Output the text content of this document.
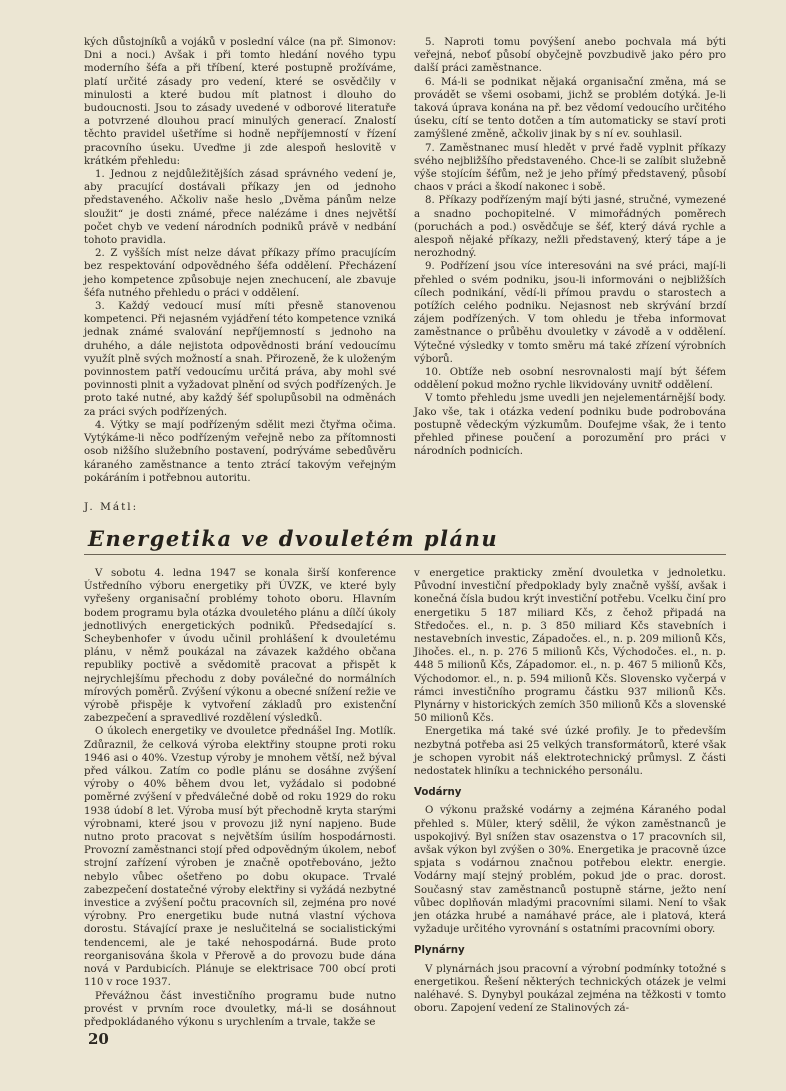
kých důstojníků a vojáků v poslední válce (na př. Simonov: Dni a noci.) Avšak i při tomto hledání nového typu moderního šéfa a při tříbení, které postupně prožíváme, platí určité zásady pro vedení, které se osvědčily v minulosti a které budou mít platnost i dlouho do budoucnosti. Jsou to zásady uvedené v odborové literatuře a potvrzené dlouhou prací minulých generací. Znalostí těchto pravidel ušetříme si hodně nepříjemností v řízení pracovního úseku. Uveďme ji zde alespoň heslovitě v krátkém přehledu:

1. Jednou z nejdůležitějších zásad správného vedení je, aby pracující dostávali příkazy jen od jednoho představeného. Ačkoliv naše heslo „Dvěma pánům nelze sloužit“ je dosti známé, přece nalézáme i dnes největší počet chyb ve vedení národních podniků právě v nedbání tohoto pravidla.

2. Z vyšších míst nelze dávat příkazy přímo pracujícím bez respektování odpovědného šéfa oddělení. Přecházení jeho kompetence způsobuje nejen znechucení, ale zbavuje šéfa nutného přehledu o práci v oddělení.

3. Každý vedoucí musí míti přesně stanovenou kompetenci. Při nejasném vyjádření této kompetence vzniká jednak známé svalování nepříjemností s jednoho na druhého, a dále nejistota odpovědnosti brání vedoucímu využít plně svých možností a snah. Přirozeně, že k uloženým povinnostem patří vedoucímu určitá práva, aby mohl své povinnosti plnit a vyžadovat plnění od svých podřízených. Je proto také nutné, aby každý šéf spolupůsobil na odměnách za práci svých podřízených.

4. Výtky se mají podřízeným sdělit mezi čtyřma očima. Vytýkáme-li něco podřízeným veřejně nebo za přítomnosti osob nižšího služebního postavení, podrýváme sebedůvěru káraného zaměstnance a tento ztrácí takovým veřejným pokáráním i potřebnou autoritu.

5. Naproti tomu povýšení anebo pochvala má býti veřejná, neboť působí obyčejně povzbudivě jako péro pro další práci zaměstnance.

6. Má-li se podnikat nějaká organisační změna, má se provádět se všemi osobami, jichž se problém dotýká. Je-li taková úprava konána na př. bez vědomí vedoucího určitého úseku, cítí se tento dotčen a tím automaticky se staví proti zamýšlené změně, ačkoliv jinak by s ní ev. souhlasil.

7. Zaměstnanec musí hledět v prvé řadě vyplnit příkazy svého nejbližšího představeného. Chce-li se zalíbit služebně výše stojícím šéfům, než je jeho přímý představený, působí chaos v práci a škodí nakonec i sobě.

8. Příkazy podřízeným mají býti jasné, stručné, vymezené a snadno pochopitelné. V mimořádných poměrech (poruchách a pod.) osvědčuje se šéf, který dává rychle a alespoň nějaké příkazy, nežli představený, který tápe a je nerozhodný.

9. Podřízení jsou více interesováni na své práci, mají-li přehled o svém podniku, jsou-li informováni o nejbližších cílech podnikání, vědí-li přímou pravdu o starostech a potížích celého podniku. Nejasnost neb skrývání brzdí zájem podřízených. V tom ohledu je třeba informovat zaměstnance o průběhu dvouletky v závodě a v oddělení. Výtečné výsledky v tomto směru má také zřízení výrobních výborů.

10. Obtíže neb osobní nesrovnalosti mají být šéfem oddělení pokud možno rychle likvidovány uvnitř oddělení.

V tomto přehledu jsme uvedli jen nejelementárnější body. Jako vše, tak i otázka vedení podniku bude podrobována postupně vědeckým výzkumům. Doufejme však, že i tento přehled přinese poučení a porozumění pro práci v národních podnicích.

J. Mátl:
Energetika ve dvouletém plánu

V sobotu 4. ledna 1947 se konala širší konference Ústředního výboru energetiky při ÚVZK, ve které byly vyřešeny organisační problémy tohoto oboru. Hlavním bodem programu byla otázka dvouletého plánu a dílčí úkoly jednotlivých energetických podniků. Předsedající s. Scheybenhofer v úvodu učinil prohlášení k dvouletému plánu, v němž poukázal na závazek každého občana republiky poctivě a svědomitě pracovat a přispět k nejrychlejšímu přechodu z doby poválečné do normálních mírových poměrů. Zvýšení výkonu a obecné snížení režie ve výrobě přispěje k vytvoření základů pro existenční zabezpečení a spravedlivé rozdělení výsledků.

O úkolech energetiky ve dvouletce přednášel Ing. Motlík. Zdůraznil, že celková výroba elektřiny stoupne proti roku 1946 asi o 40%. Vzestup výroby je mnohem větší, než býval před válkou. Zatím co podle plánu se dosáhne zvýšení výroby o 40% během dvou let, vyžádalo si podobné poměrné zvýšení v předválečné době od roku 1929 do roku 1938 údobí 8 let. Výroba musí být přechodně kryta starými výrobnami, které jsou v provozu již nyní napjeno. Bude nutno proto pracovat s největším úsilím hospodárnosti. Provozní zaměstnanci stojí před odpovědným úkolem, neboť strojní zařízení výroben je značně opotřebováno, ježto nebylo vůbec ošetřeno po dobu okupace. Trvalé zabezpečení dostatečné výroby elektřiny si vyžádá nezbytné investice a zvýšení počtu pracovních sil, zejména pro nové výrobny. Pro energetiku bude nutná vlastní výchova dorostu. Stávající praxe je neslučitelná se socialistickými tendencemi, ale je také nehospodárná. Bude proto reorganisována škola v Přerově a do provozu bude dána nová v Pardubicích. Plánuje se elektrisace 700 obcí proti 110 v roce 1937.

Převážnou část investičního programu bude nutno provést v prvním roce dvouletky, má-li se dosáhnout předpokládaného výkonu s urychlením a trvale, takže se

v energetice prakticky změní dvouletka v jednoletku. Původní investiční předpoklady byly značně vyšší, avšak i konečná čísla budou krýt investiční potřebu. Vcelku činí pro energetiku 5 187 miliard Kčs, z čehož připadá na Středočes. el., n. p. 3 850 miliard Kčs stavebních i nestavebních investic, Západočes. el., n. p. 209 milionů Kčs, Jihočes. el., n. p. 276 5 milionů Kčs, Východočes. el., n. p. 448 5 milionů Kčs, Západomor. el., n. p. 467 5 milionů Kčs, Východomor. el., n. p. 594 milionů Kčs. Slovensko vyčerpá v rámci investičního programu částku 937 milionů Kčs. Plynárny v historických zemích 350 milionů Kčs a slovenské 50 milionů Kčs.

Energetika má také své úzké profily. Je to především nezbytná potřeba asi 25 velkých transformátorů, které však je schopen vyrobit náš elektrotechnický průmysl. Z části nedostatek hliníku a technického personálu.

Vodárny

O výkonu pražské vodárny a zejména Káraného podal přehled s. Müler, který sdělil, že výkon zaměstnanců je uspokojivý. Byl snížen stav osazenstva o 17 pracovních sil, avšak výkon byl zvýšen o 30%. Energetika je pracovně úzce spjata s vodárnou značnou potřebou elektr. energie. Vodárny mají stejný problém, pokud jde o prac. dorost. Současný stav zaměstnanců postupně stárne, ježto není vůbec doplňován mladými pracovními silami. Není to však jen otázka hrubé a namáhavé práce, ale i platová, která vyžaduje určitého vyrovnání s ostatními pracovními obory.

Plynárny

V plynárnách jsou pracovní a výrobní podmínky totožné s energetikou. Řešení některých technických otázek je velmi naléhavé. S. Dynybyl poukázal zejména na těžkosti v tomto oboru. Zapojení vedení ze Stalinových zá-

20
